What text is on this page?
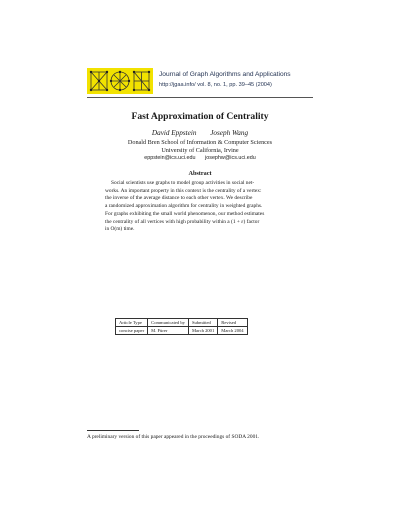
Journal of Graph Algorithms and Applications
http://jgaa.info/ vol. 8, no. 1, pp. 39–45 (2004)
Fast Approximation of Centrality
David Eppstein Joseph Wang
Donald Bren School of Information & Computer Sciences
University of California, Irvine
eppstein@ics.uci.edu josephw@ics.uci.edu
Abstract
Social scientists use graphs to model group activities in social net-
works. An important property in this context is the centrality of a vertex:
the inverse of the average distance to each other vertex. We describe
a randomized approximation algorithm for centrality in weighted graphs.
For graphs exhibiting the small world phenomenon, our method estimates
the centrality of all vertices with high probability within a (1 + ε) factor
in O(m) time.
Article Type	Communicated by	Submitted	Revised
concise paper	M. Fürer	March 2001	March 2004
A preliminary version of this paper appeared in the proceedings of SODA 2001.
